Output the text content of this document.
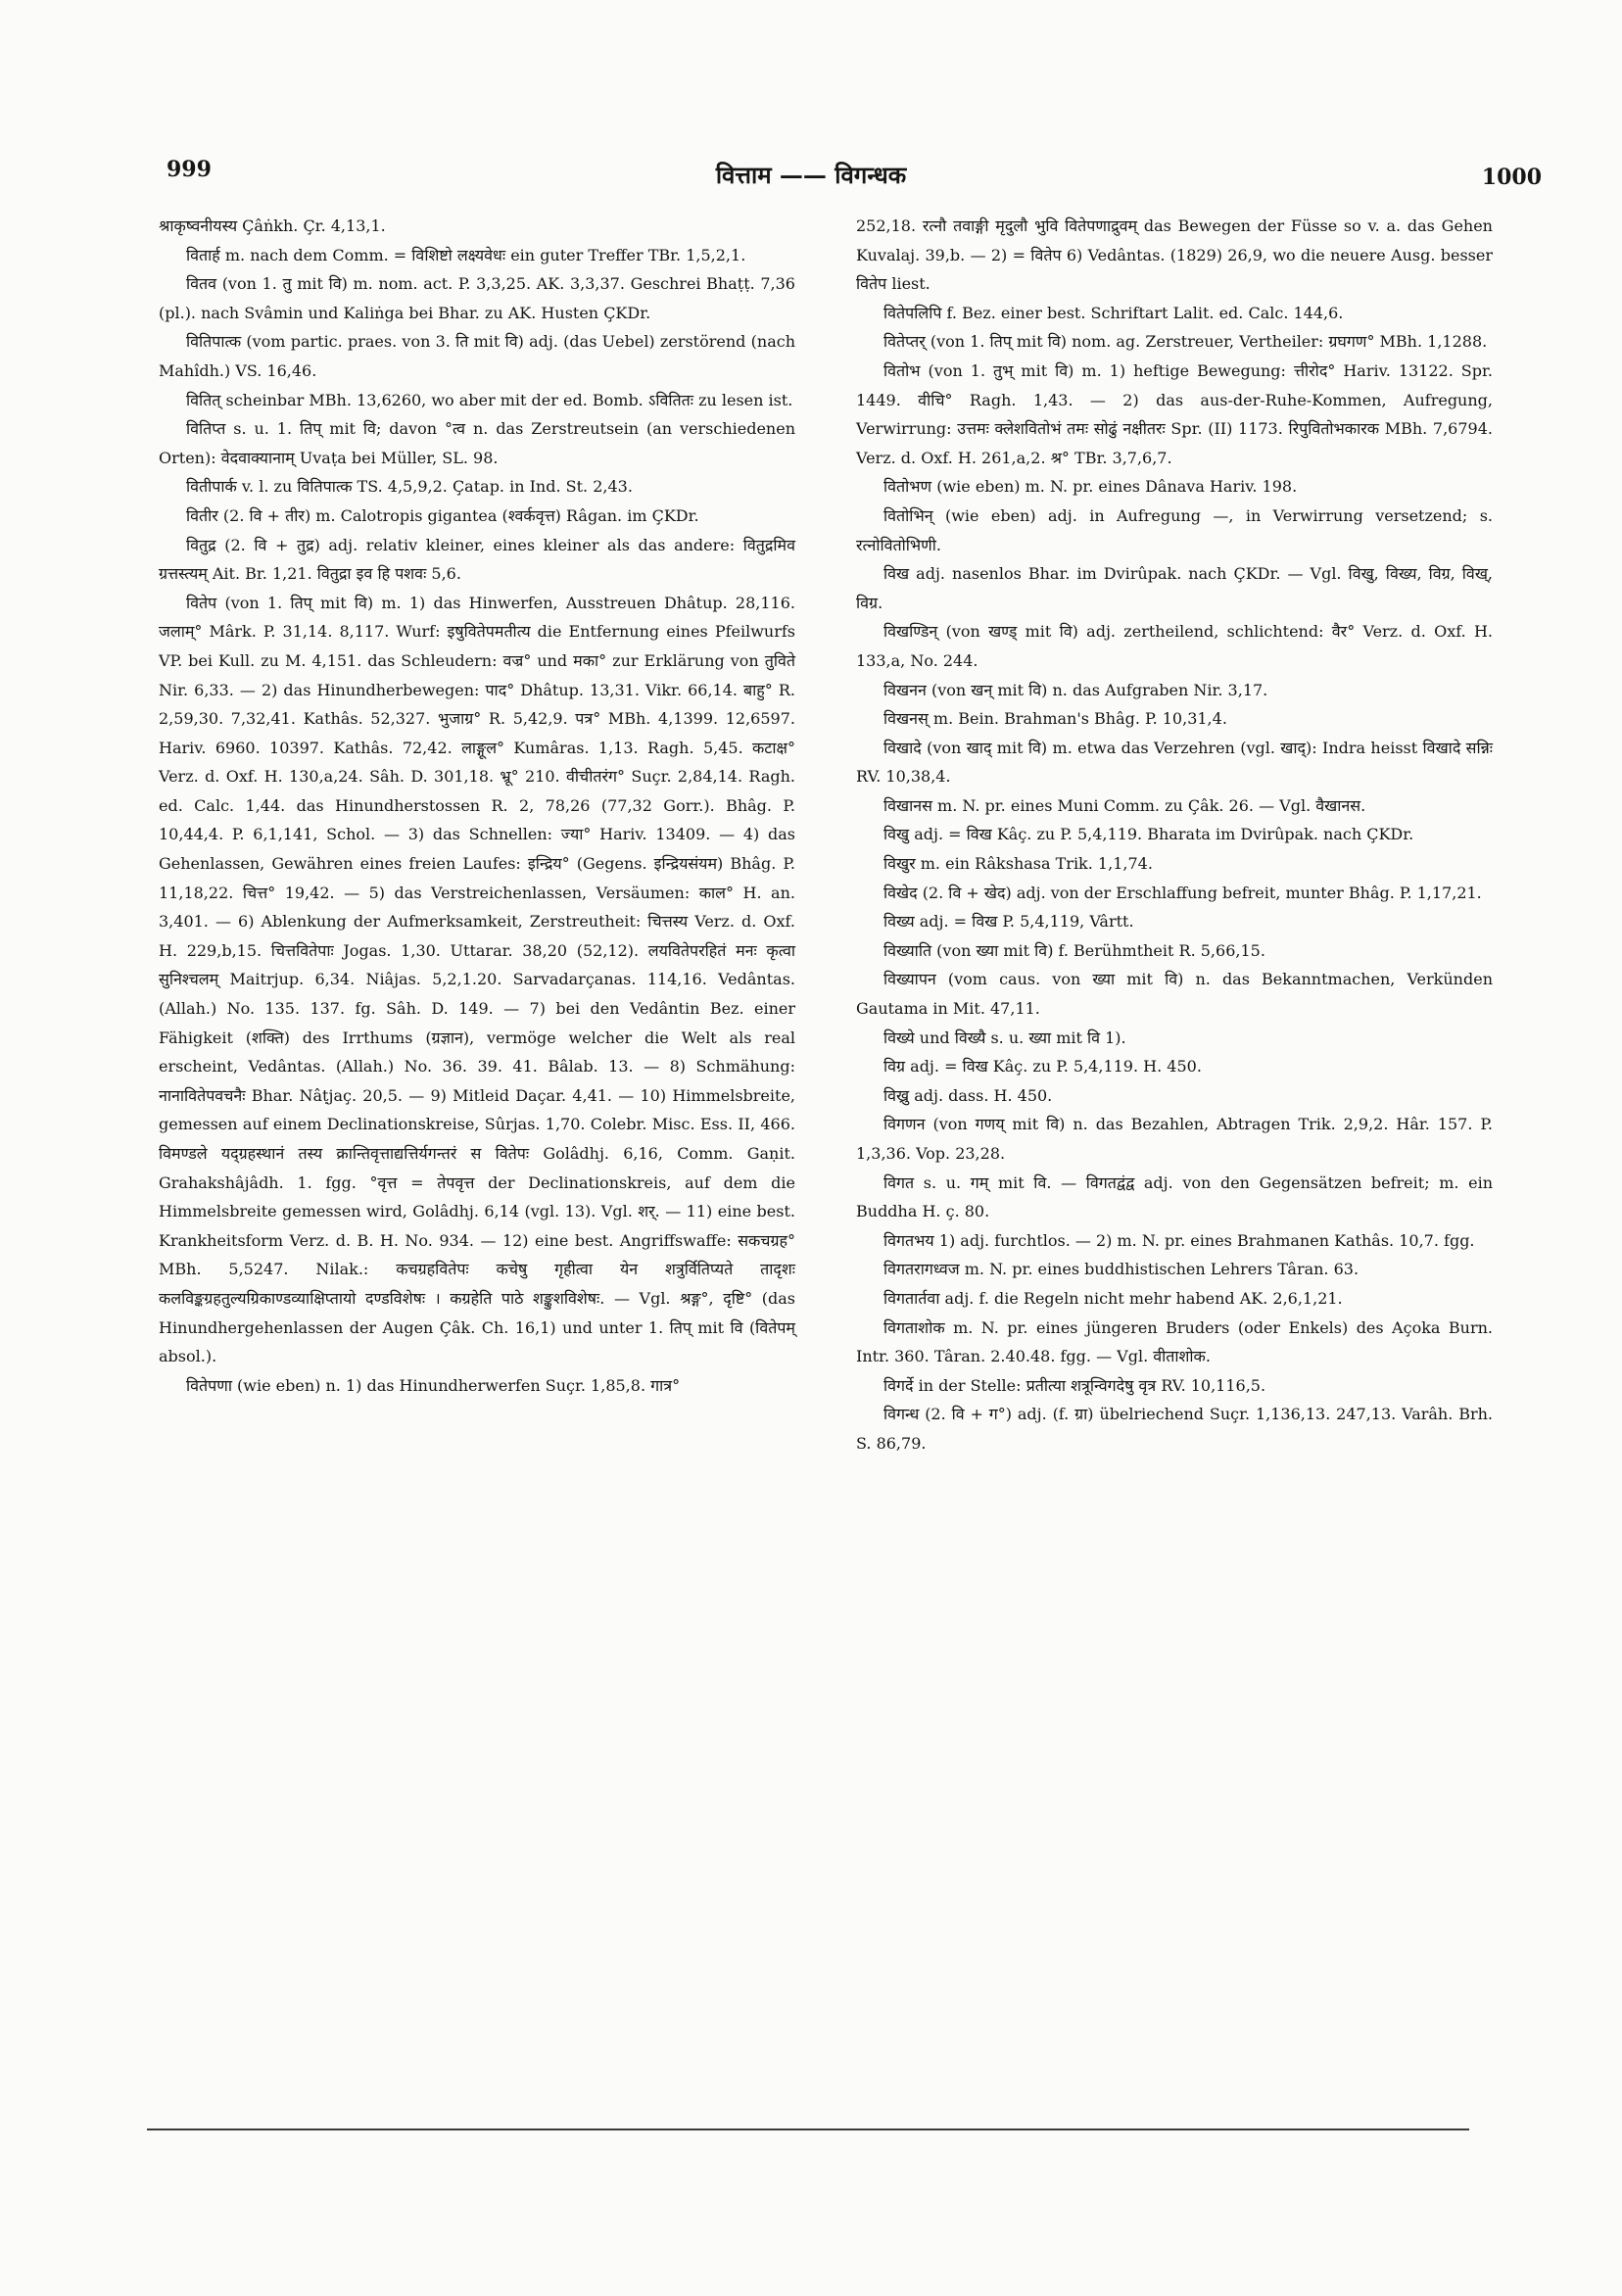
999	वित्ताम —— विगन्धक	1000

श्राकृष्वनीयस्य Çâṅkh. Çr. 4,13,1.

वितार्ह m. nach dem Comm. = विशिष्टो लक्ष्यवेधः ein guter Treffer TBr. 1,5,2,1.

वितव (von 1. तु mit वि) m. nom. act. P. 3,3,25. AK. 3,3,37. Geschrei Bhaṭṭ. 7,36 (pl.). nach Svâmin und Kaliṅga bei Bhar. zu AK. Husten ÇKDr.

वितिपात्क (vom partic. praes. von 3. ति mit वि) adj. (das Uebel) zerstörend (nach Mahîdh.) VS. 16,46.

वितित् scheinbar MBh. 13,6260, wo aber mit der ed. Bomb. ऽवितितः zu lesen ist.

वितिप्त s. u. 1. तिप् mit वि; davon °त्व n. das Zerstreutsein (an verschiedenen Orten): वेदवाक्यानाम् Uvaṭa bei Müller, SL. 98.

वितीपार्क v. l. zu वितिपात्क TS. 4,5,9,2. Çatap. in Ind. St. 2,43.

वितीर (2. वि + तीर) m. Calotropis gigantea (श्वर्कवृत्त) Râgan. im ÇKDr.

वितुद्र (2. वि + तुद्र) adj. relativ kleiner, eines kleiner als das andere: वितुद्रमिव ग्रत्तस्त्यम् Ait. Br. 1,21. वितुद्रा इव हि पशवः 5,6.

वितेप (von 1. तिप् mit वि) m. 1) das Hinwerfen, Ausstreuen Dhâtup. 28,116. जलाम्° Mârk. P. 31,14. 8,117. Wurf: इषुवितेपमतीत्य die Entfernung eines Pfeilwurfs VP. bei Kull. zu M. 4,151. das Schleudern: वज्र° und मका° zur Erklärung von तुविते Nir. 6,33. — 2) das Hinundherbewegen: पाद° Dhâtup. 13,31. Vikr. 66,14. बाहु° R. 2,59,30. 7,32,41. Kathâs. 52,327. भुजाग्र° R. 5,42,9. पत्र° MBh. 4,1399. 12,6597. Hariv. 6960. 10397. Kathâs. 72,42. लाङ्गूल° Kumâras. 1,13. Ragh. 5,45. कटाक्ष° Verz. d. Oxf. H. 130,a,24. Sâh. D. 301,18. भ्रू° 210. वीचीतरंग° Suçr. 2,84,14. Ragh. ed. Calc. 1,44. das Hinundherstossen R. 2, 78,26 (77,32 Gorr.). Bhâg. P. 10,44,4. P. 6,1,141, Schol. — 3) das Schnellen: ज्या° Hariv. 13409. — 4) das Gehenlassen, Gewähren eines freien Laufes: इन्द्रिय° (Gegens. इन्द्रियसंयम) Bhâg. P. 11,18,22. चित्त° 19,42. — 5) das Verstreichenlassen, Versäumen: काल° H. an. 3,401. — 6) Ablenkung der Aufmerksamkeit, Zerstreutheit: चित्तस्य Verz. d. Oxf. H. 229,b,15. चित्तवितेपाः Jogas. 1,30. Uttarar. 38,20 (52,12). लयवितेपरहितं मनः कृत्वा सुनिश्चलम् Maitrjup. 6,34. Niâjas. 5,2,1.20. Sarvadarçanas. 114,16. Vedântas. (Allah.) No. 135. 137. fg. Sâh. D. 149. — 7) bei den Vedântin Bez. einer Fähigkeit (शक्ति) des Irrthums (ग्रज्ञान), vermöge welcher die Welt als real erscheint, Vedântas. (Allah.) No. 36. 39. 41. Bâlab. 13. — 8) Schmähung: नानावितेपवचनैः Bhar. Nâṭjaç. 20,5. — 9) Mitleid Daçar. 4,41. — 10) Himmelsbreite, gemessen auf einem Declinationskreise, Sûrjas. 1,70. Colebr. Misc. Ess. II, 466. विमण्डले यद्ग्रहस्थानं तस्य क्रान्तिवृत्ताद्यत्तिर्यगन्तरं स वितेपः Golâdhj. 6,16, Comm. Gaṇit. Grahakshâjâdh. 1. fgg. °वृत्त = तेपवृत्त der Declinationskreis, auf dem die Himmelsbreite gemessen wird, Golâdhj. 6,14 (vgl. 13). Vgl. शर्. — 11) eine best. Krankheitsform Verz. d. B. H. No. 934. — 12) eine best. Angriffswaffe: सकचग्रह° MBh. 5,5247. Nilak.: कचग्रहवितेपः कचेषु गृहीत्वा येन शत्रुर्वितिप्यते तादृशः कलविङ्कग्रहतुल्यग्रिकाण्डव्याक्षिप्तायो दण्डविशेषः । कग्रहेति पाठे शङ्कुशविशेषः. — Vgl. श्रङ्ग°, दृष्टि° (das Hinundhergehenlassen der Augen Çâk. Ch. 16,1) und unter 1. तिप् mit वि (वितेपम् absol.).

वितेपणा (wie eben) n. 1) das Hinundherwerfen Suçr. 1,85,8. गात्र°

252,18. रत्नौ तवाङ्गी मृदुलौ भुवि वितेपणाद्रुवम् das Bewegen der Füsse so v. a. das Gehen Kuvalaj. 39,b. — 2) = वितेप 6) Vedântas. (1829) 26,9, wo die neuere Ausg. besser वितेप liest.

वितेपलिपि f. Bez. einer best. Schriftart Lalit. ed. Calc. 144,6.

वितेप्तर् (von 1. तिप् mit वि) nom. ag. Zerstreuer, Vertheiler: ग्रघगण° MBh. 1,1288.

वितोभ (von 1. तुभ् mit वि) m. 1) heftige Bewegung: त्तीरोद° Hariv. 13122. Spr. 1449. वीचि° Ragh. 1,43. — 2) das aus-der-Ruhe-Kommen, Aufregung, Verwirrung: उत्तमः क्लेशवितोभं तमः सोढुं नक्षीतरः Spr. (II) 1173. रिपुवितोभकारक MBh. 7,6794. Verz. d. Oxf. H. 261,a,2. श्र° TBr. 3,7,6,7.

वितोभण (wie eben) m. N. pr. eines Dânava Hariv. 198.

वितोभिन् (wie eben) adj. in Aufregung —, in Verwirrung versetzend; s. रत्नोवितोभिणी.

विख adj. nasenlos Bhar. im Dvirûpak. nach ÇKDr. — Vgl. विखु, विख्य, विग्र, विख्, विग्र.

विखण्डिन् (von खण्ड् mit वि) adj. zertheilend, schlichtend: वैर° Verz. d. Oxf. H. 133,a, No. 244.

विखनन (von खन् mit वि) n. das Aufgraben Nir. 3,17.

विखनस् m. Bein. Brahman's Bhâg. P. 10,31,4.

विखादे (von खाद् mit वि) m. etwa das Verzehren (vgl. खाद्): Indra heisst विखादे सन्निः RV. 10,38,4.

विखानस m. N. pr. eines Muni Comm. zu Çâk. 26. — Vgl. वैखानस.

विखु adj. = विख Kâç. zu P. 5,4,119. Bharata im Dvirûpak. nach ÇKDr.

विखुर m. ein Râkshasa Trik. 1,1,74.

विखेद (2. वि + खेद) adj. von der Erschlaffung befreit, munter Bhâg. P. 1,17,21.

विख्य adj. = विख P. 5,4,119, Vârtt.

विख्याति (von ख्या mit वि) f. Berühmtheit R. 5,66,15.

विख्यापन (vom caus. von ख्या mit वि) n. das Bekanntmachen, Verkünden Gautama in Mit. 47,11.

विख्ये und विख्यै s. u. ख्या mit वि 1).

विग्र adj. = विख Kâç. zu P. 5,4,119. H. 450.

विख्रु adj. dass. H. 450.

विगणन (von गणय् mit वि) n. das Bezahlen, Abtragen Trik. 2,9,2. Hâr. 157. P. 1,3,36. Vop. 23,28.

विगत s. u. गम् mit वि. — विगतद्वंद्व adj. von den Gegensätzen befreit; m. ein Buddha H. ç. 80.

विगतभय 1) adj. furchtlos. — 2) m. N. pr. eines Brahmanen Kathâs. 10,7. fgg.

विगतरागध्वज m. N. pr. eines buddhistischen Lehrers Târan. 63.

विगतार्तवा adj. f. die Regeln nicht mehr habend AK. 2,6,1,21.

विगताशोक m. N. pr. eines jüngeren Bruders (oder Enkels) des Açoka Burn. Intr. 360. Târan. 2.40.48. fgg. — Vgl. वीताशोक.

विगर्दे in der Stelle: प्रतीत्या शत्रून्विगदेषु वृत्र RV. 10,116,5.

विगन्ध (2. वि + ग°) adj. (f. ग्रा) übelriechend Suçr. 1,136,13. 247,13. Varâh. Brh. S. 86,79.
